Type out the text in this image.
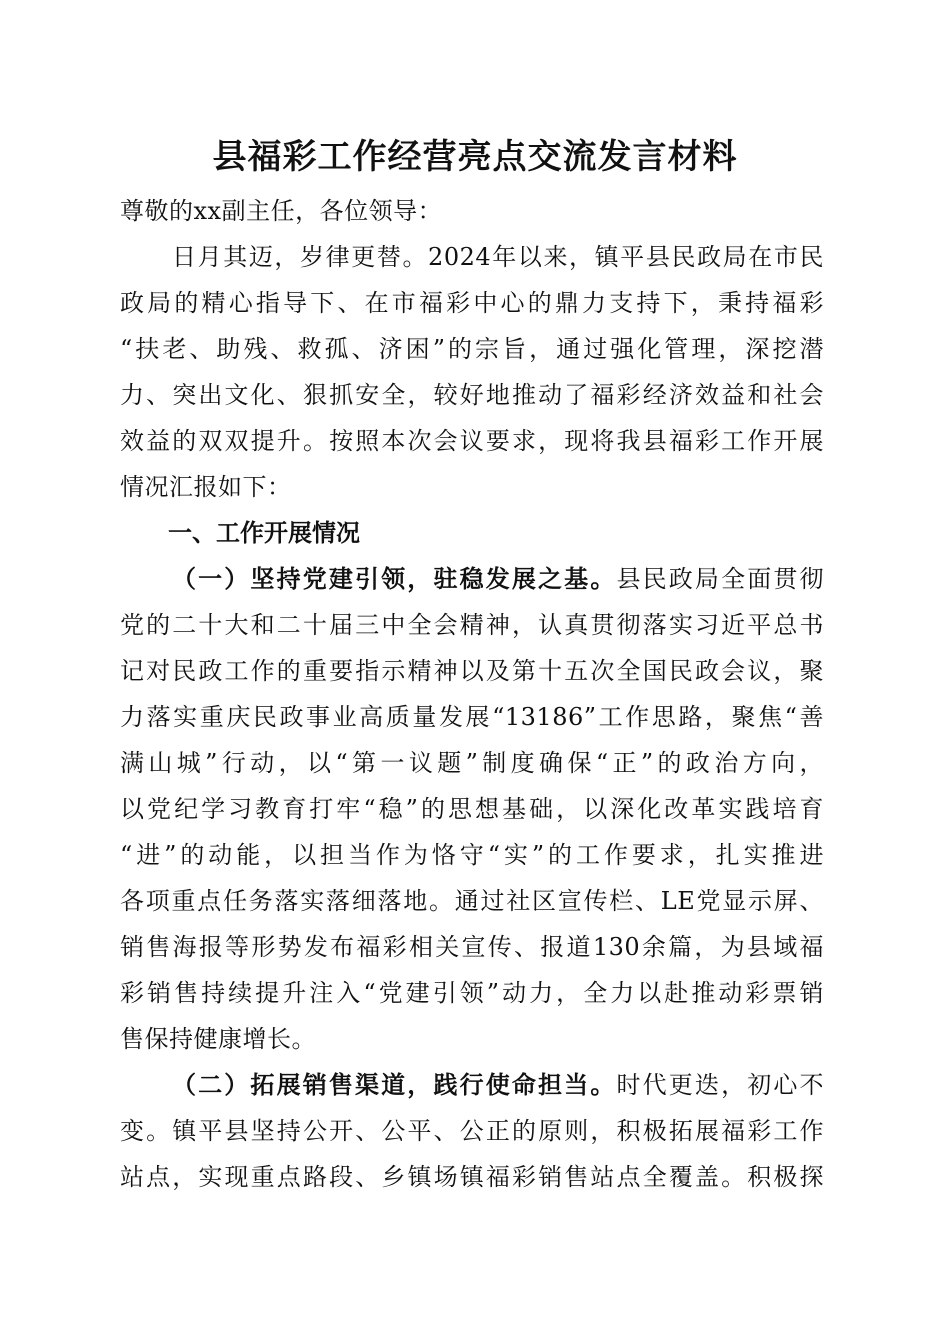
县福彩工作经营亮点交流发言材料
尊敬的xx副主任，各位领导：
日月其迈，岁律更替。2024年以来，镇平县民政局在市民
政局的精心指导下、在市福彩中心的鼎力支持下，秉持福彩
“扶老、助残、救孤、济困”的宗旨，通过强化管理，深挖潜
力、突出文化、狠抓安全，较好地推动了福彩经济效益和社会
效益的双双提升。按照本次会议要求，现将我县福彩工作开展
情况汇报如下：
一、工作开展情况
（一）坚持党建引领，驻稳发展之基。县民政局全面贯彻
党的二十大和二十届三中全会精神，认真贯彻落实习近平总书
记对民政工作的重要指示精神以及第十五次全国民政会议，聚
力落实重庆民政事业高质量发展“13186”工作思路，聚焦“善
满山城”行动，以“第一议题”制度确保“正”的政治方向，
以党纪学习教育打牢“稳”的思想基础，以深化改革实践培育
“进”的动能，以担当作为恪守“实”的工作要求，扎实推进
各项重点任务落实落细落地。通过社区宣传栏、LE党显示屏、
销售海报等形势发布福彩相关宣传、报道130余篇，为县域福
彩销售持续提升注入“党建引领”动力，全力以赴推动彩票销
售保持健康增长。
（二）拓展销售渠道，践行使命担当。时代更迭，初心不
变。镇平县坚持公开、公平、公正的原则，积极拓展福彩工作
站点，实现重点路段、乡镇场镇福彩销售站点全覆盖。积极探
